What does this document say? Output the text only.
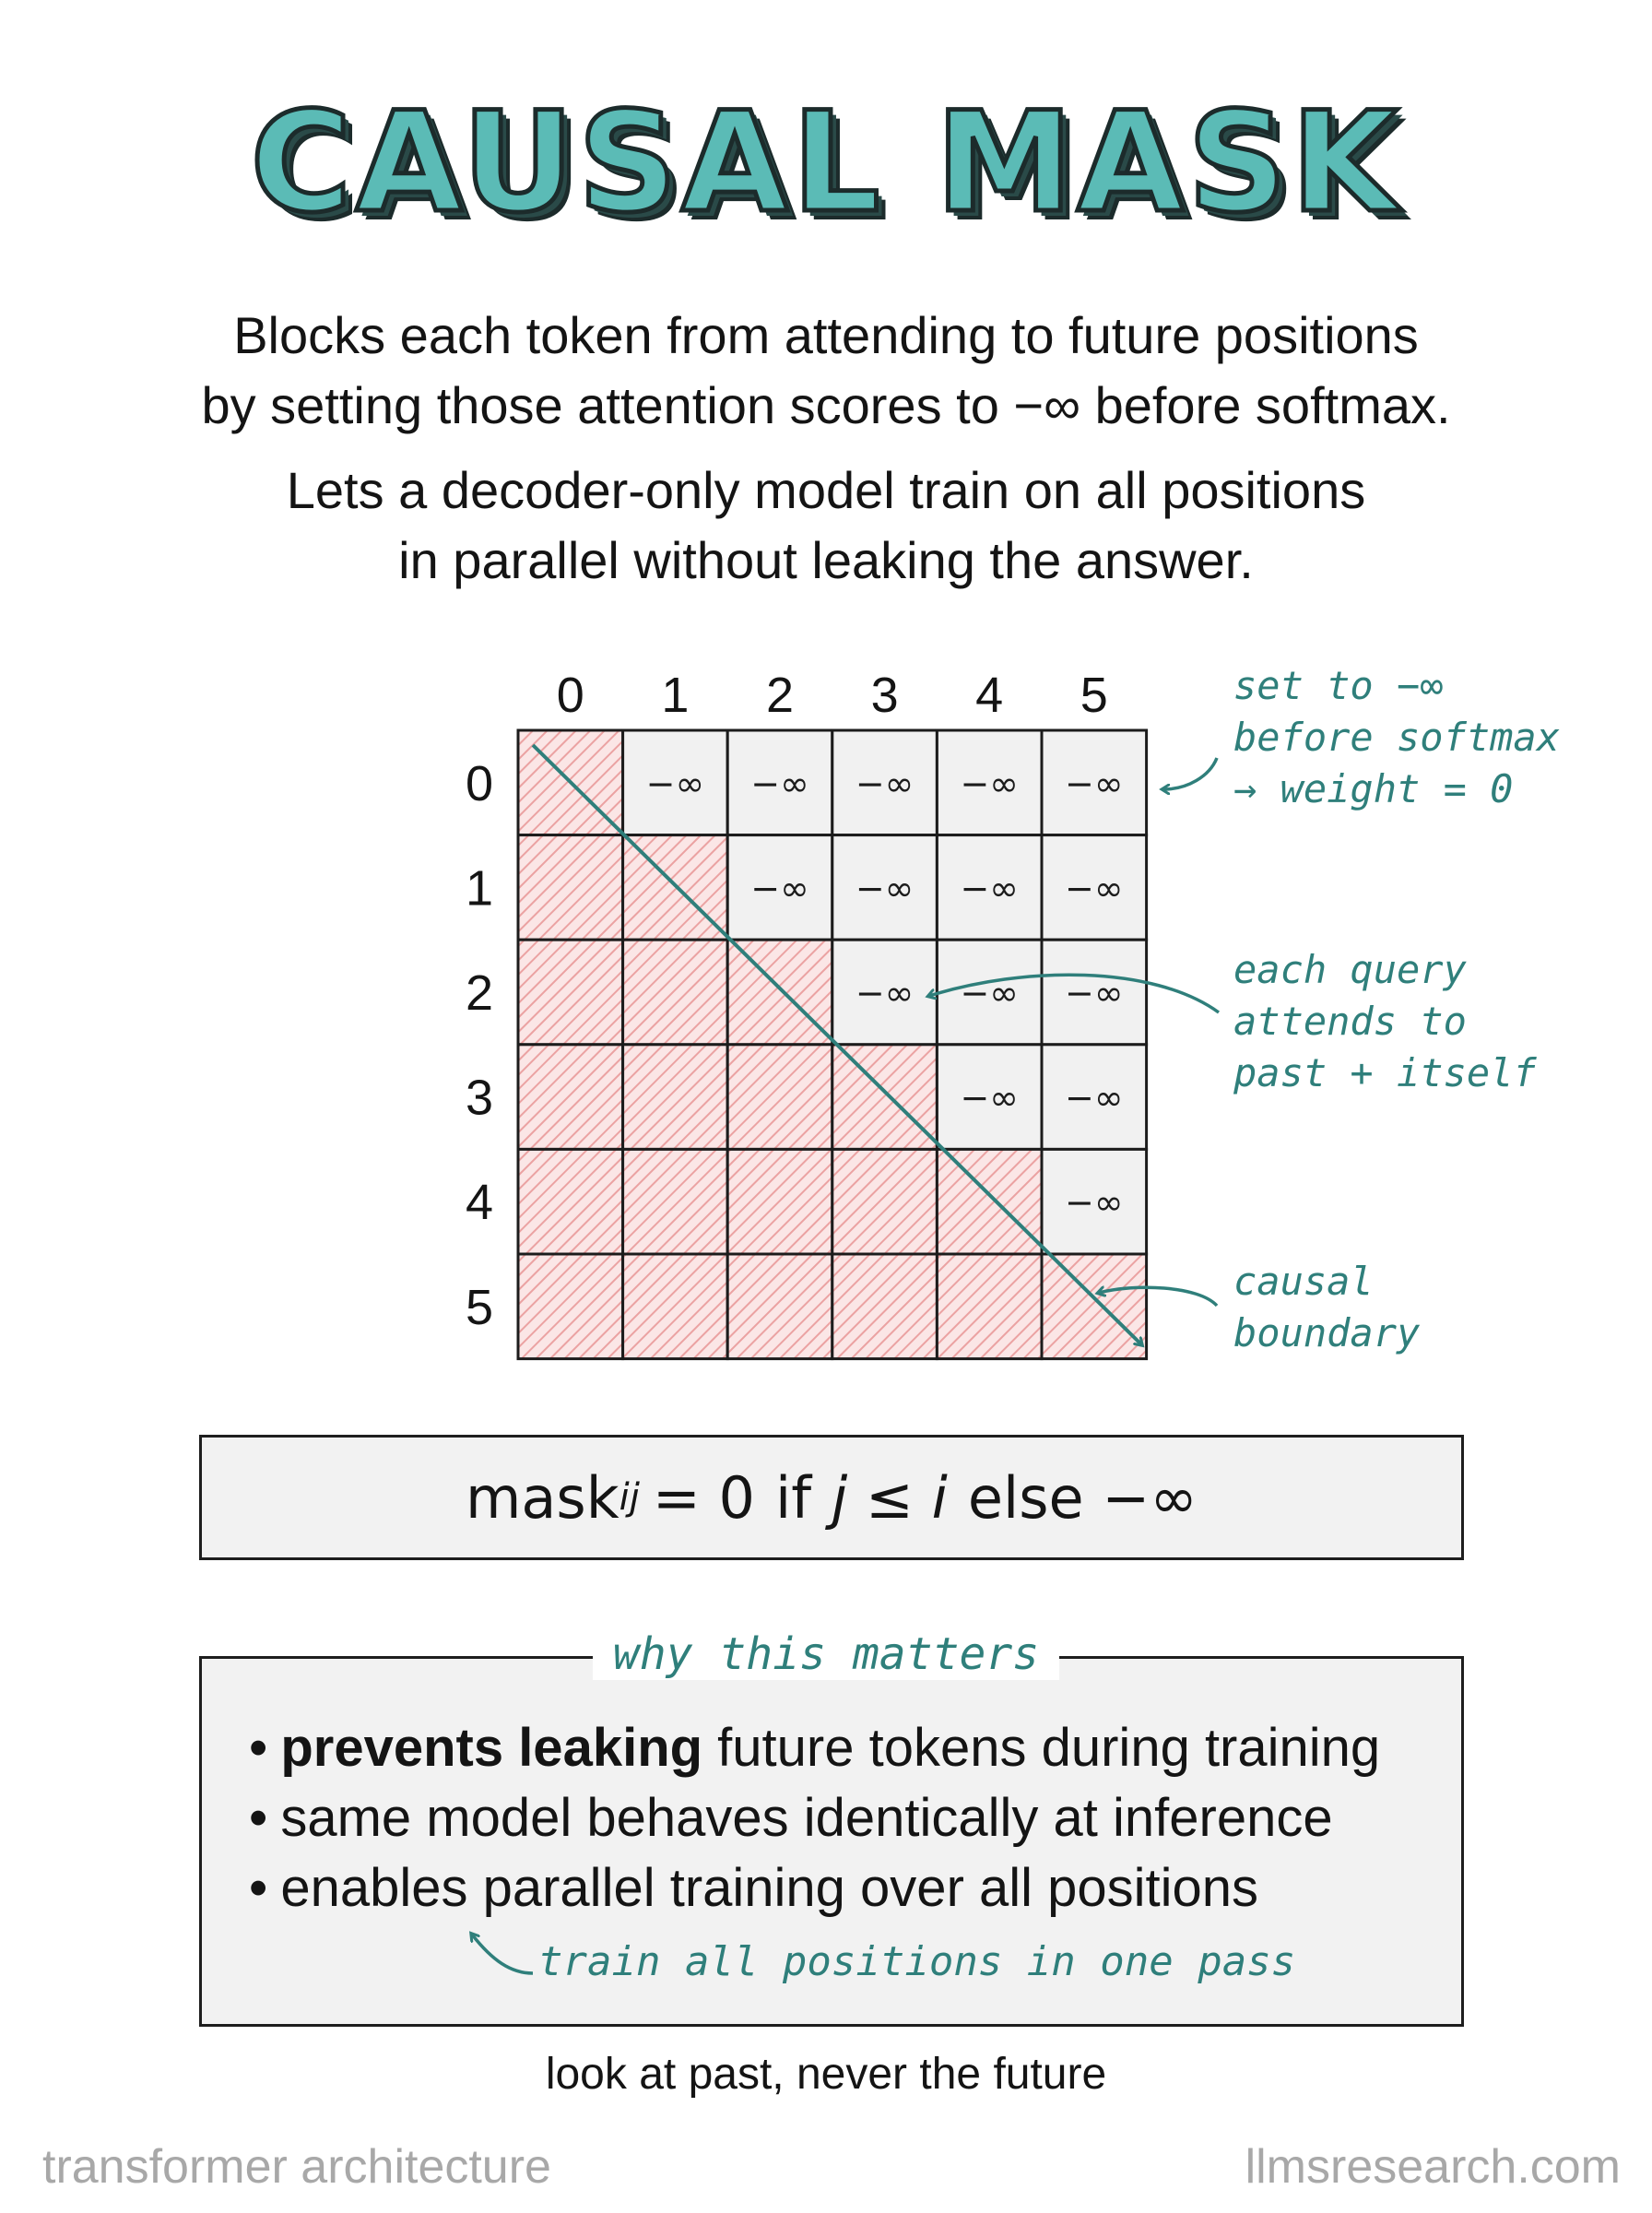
CAUSAL MASK
Blocks each token from attending to future positions
by setting those attention scores to −∞ before softmax.
Lets a decoder-only model train on all positions
in parallel without leaking the answer.
−∞ −∞ −∞ −∞ −∞
−∞ −∞ −∞ −∞
−∞ −∞ −∞
−∞ −∞
−∞
0 1 2 3 4 5
0
1
2
3
4
5
set to −∞
before softmax
→ weight = 0
each query
attends to
past + itself
causal
boundary
mask ij = 0 if j ≤ i else −∞
why this matters
• prevents leaking future tokens during training
• same model behaves identically at inference
• enables parallel training over all positions
train all positions in one pass
look at past, never the future
transformer architecture	llmsresearch.com
